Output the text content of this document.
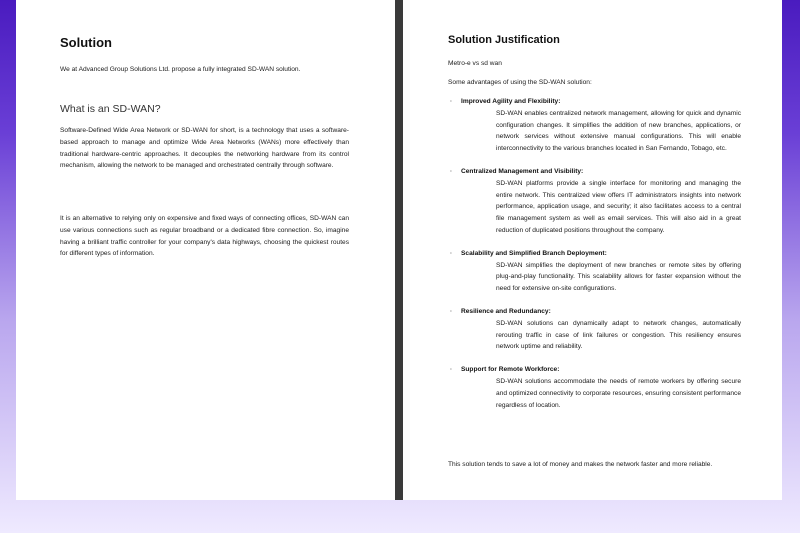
Solution

We at Advanced Group Solutions Ltd. propose a fully integrated SD-WAN solution.

What is an SD-WAN?

Software-Defined Wide Area Network or SD-WAN for short, is a technology that uses a software-based approach to manage and optimize Wide Area Networks (WANs) more effectively than traditional hardware-centric approaches. It decouples the networking hardware from its control mechanism, allowing the network to be managed and orchestrated centrally through software.

It is an alternative to relying only on expensive and fixed ways of connecting offices, SD-WAN can use various connections such as regular broadband or a dedicated fibre connection. So, imagine having a brilliant traffic controller for your company's data highways, choosing the quickest routes for different types of information.

Solution Justification

Metro-e vs sd wan

Some advantages of using the SD-WAN solution:

· Improved Agility and Flexibility:
SD-WAN enables centralized network management, allowing for quick and dynamic configuration changes. It simplifies the addition of new branches, applications, or network services without extensive manual configurations. This will enable interconnectivity to the various branches located in San Fernando, Tobago, etc.
· Centralized Management and Visibility:
SD-WAN platforms provide a single interface for monitoring and managing the entire network. This centralized view offers IT administrators insights into network performance, application usage, and security; it also facilitates access to a central file management system as well as email services. This will also aid in a great reduction of duplicated positions throughout the company.
· Scalability and Simplified Branch Deployment:
SD-WAN simplifies the deployment of new branches or remote sites by offering plug-and-play functionality. This scalability allows for faster expansion without the need for extensive on-site configurations.
· Resilience and Redundancy:
SD-WAN solutions can dynamically adapt to network changes, automatically rerouting traffic in case of link failures or congestion. This resiliency ensures network uptime and reliability.
· Support for Remote Workforce:
SD-WAN solutions accommodate the needs of remote workers by offering secure and optimized connectivity to corporate resources, ensuring consistent performance regardless of location.

This solution tends to save a lot of money and makes the network faster and more reliable.
